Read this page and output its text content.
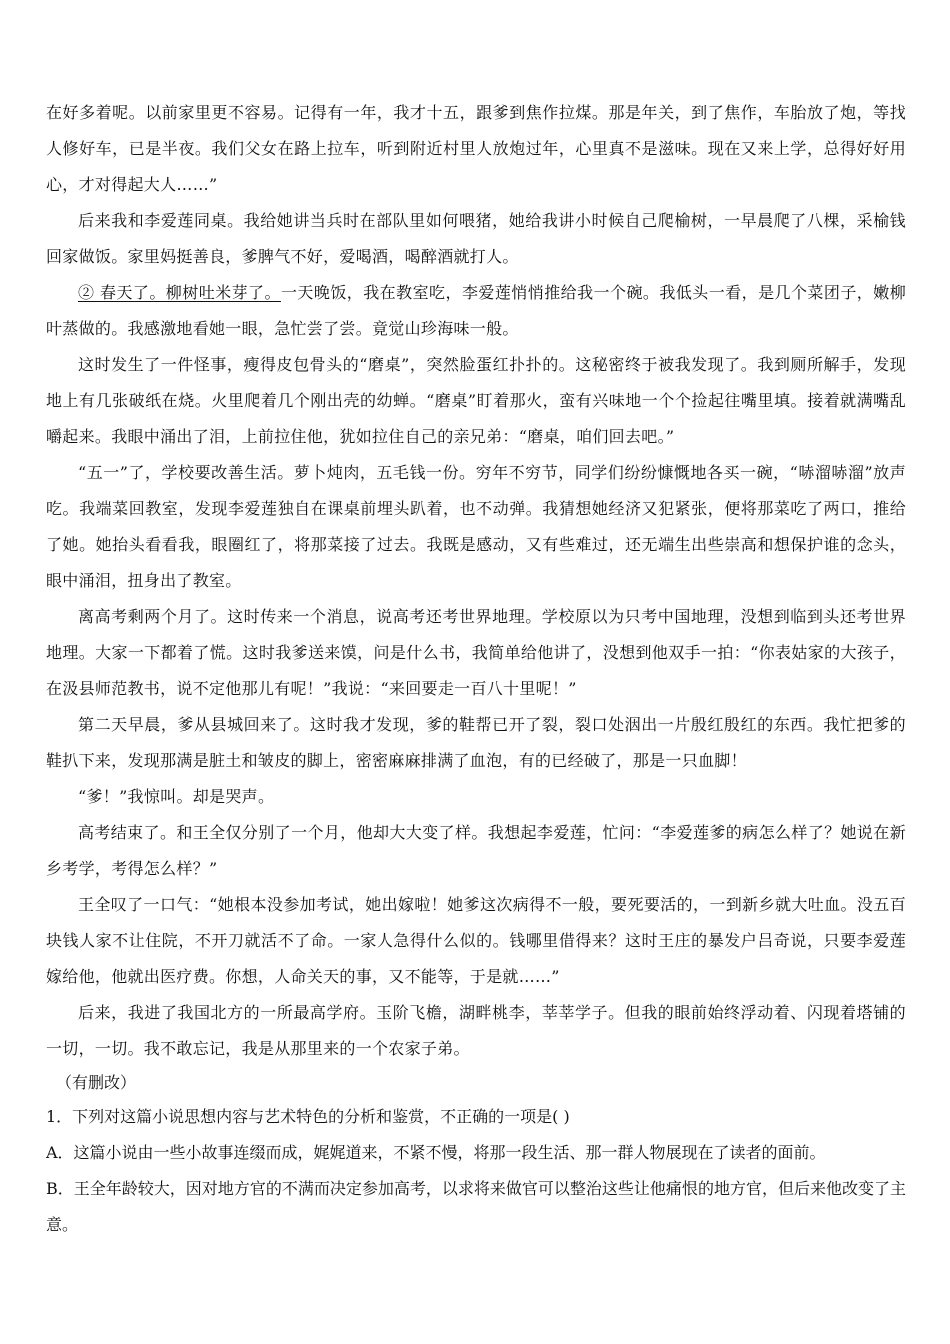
在好多着呢。以前家里更不容易。记得有一年，我才十五，跟爹到焦作拉煤。那是年关，到了焦作，车胎放了炮，等找人修好车，已是半夜。我们父女在路上拉车，听到附近村里人放炮过年，心里真不是滋味。现在又来上学，总得好好用心，才对得起大人……”

后来我和李爱莲同桌。我给她讲当兵时在部队里如何喂猪，她给我讲小时候自己爬榆树，一早晨爬了八棵，采榆钱回家做饭。家里妈挺善良，爹脾气不好，爱喝酒，喝醉酒就打人。

② 春天了。柳树吐米芽了。一天晚饭，我在教室吃，李爱莲悄悄推给我一个碗。我低头一看，是几个菜团子，嫩柳叶蒸做的。我感激地看她一眼，急忙尝了尝。竟觉山珍海味一般。

这时发生了一件怪事，瘦得皮包骨头的“磨桌”，突然脸蛋红扑扑的。这秘密终于被我发现了。我到厕所解手，发现地上有几张破纸在烧。火里爬着几个刚出壳的幼蝉。“磨桌”盯着那火，蛮有兴味地一个个捡起往嘴里填。接着就满嘴乱嚼起来。我眼中涌出了泪，上前拉住他，犹如拉住自己的亲兄弟：“磨桌，咱们回去吧。”

“五一”了，学校要改善生活。萝卜炖肉，五毛钱一份。穷年不穷节，同学们纷纷慷慨地各买一碗，“哧溜哧溜”放声吃。我端菜回教室，发现李爱莲独自在课桌前埋头趴着，也不动弹。我猜想她经济又犯紧张，便将那菜吃了两口，推给了她。她抬头看看我，眼圈红了，将那菜接了过去。我既是感动，又有些难过，还无端生出些崇高和想保护谁的念头，眼中涌泪，扭身出了教室。

离高考剩两个月了。这时传来一个消息，说高考还考世界地理。学校原以为只考中国地理，没想到临到头还考世界地理。大家一下都着了慌。这时我爹送来馍，问是什么书，我简单给他讲了，没想到他双手一拍：“你表姑家的大孩子，在汲县师范教书，说不定他那儿有呢！”我说：“来回要走一百八十里呢！”

第二天早晨，爹从县城回来了。这时我才发现，爹的鞋帮已开了裂，裂口处洇出一片殷红殷红的东西。我忙把爹的鞋扒下来，发现那满是脏土和皱皮的脚上，密密麻麻排满了血泡，有的已经破了，那是一只血脚！

“爹！”我惊叫。却是哭声。

高考结束了。和王全仅分别了一个月，他却大大变了样。我想起李爱莲，忙问：“李爱莲爹的病怎么样了？她说在新乡考学，考得怎么样？”

王全叹了一口气：“她根本没参加考试，她出嫁啦！她爹这次病得不一般，要死要活的，一到新乡就大吐血。没五百块钱人家不让住院，不开刀就活不了命。一家人急得什么似的。钱哪里借得来？这时王庄的暴发户吕奇说，只要李爱莲嫁给他，他就出医疗费。你想，人命关天的事，又不能等，于是就……”

后来，我进了我国北方的一所最高学府。玉阶飞檐，湖畔桃李，莘莘学子。但我的眼前始终浮动着、闪现着塔铺的一切，一切。我不敢忘记，我是从那里来的一个农家子弟。

（有删改）

1．下列对这篇小说思想内容与艺术特色的分析和鉴赏，不正确的一项是( )

A．这篇小说由一些小故事连缀而成，娓娓道来，不紧不慢，将那一段生活、那一群人物展现在了读者的面前。

B．王全年龄较大，因对地方官的不满而决定参加高考，以求将来做官可以整治这些让他痛恨的地方官，但后来他改变了主意。
